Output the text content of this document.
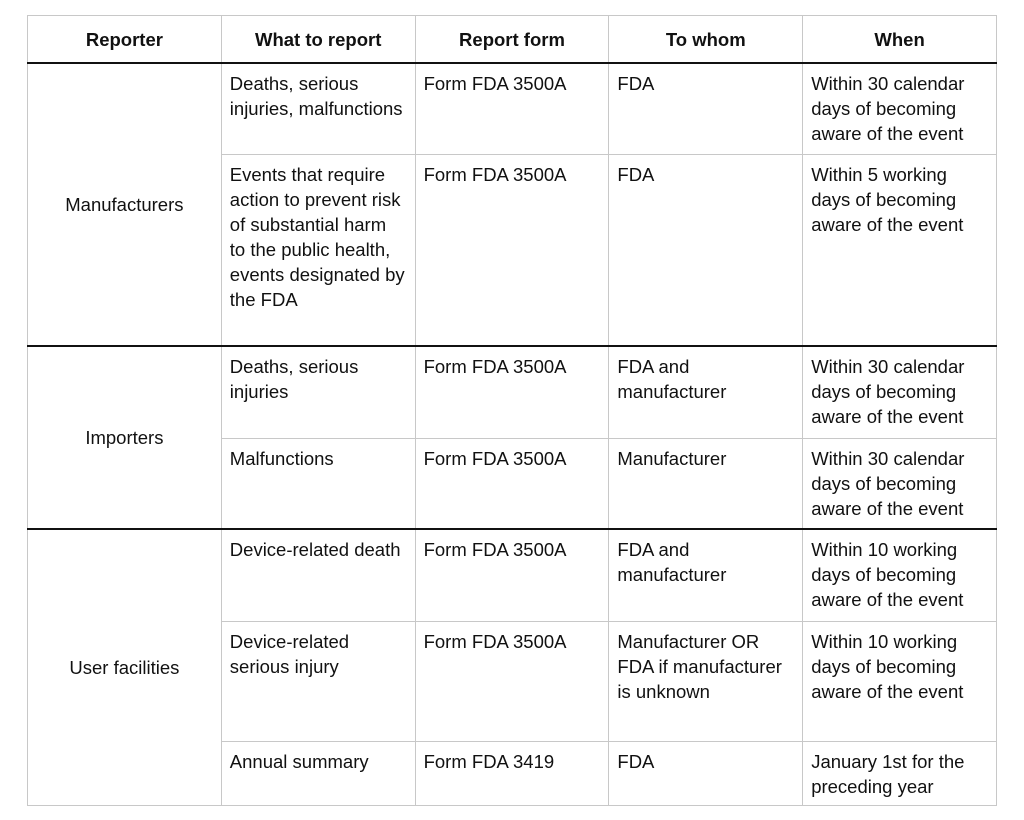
Reporter	What to report	Report form	To whom	When
Manufacturers	Deaths, serious injuries, malfunctions	Form FDA 3500A	FDA	Within 30 calendar days of becoming aware of the event
	Events that require action to prevent risk of substantial harm to the public health, events designated by the FDA	Form FDA 3500A	FDA	Within 5 working days of becoming aware of the event
Importers	Deaths, serious injuries	Form FDA 3500A	FDA and manufacturer	Within 30 calendar days of becoming aware of the event
	Malfunctions	Form FDA 3500A	Manufacturer	Within 30 calendar days of becoming aware of the event
User facilities	Device-related death	Form FDA 3500A	FDA and manufacturer	Within 10 working days of becoming aware of the event
	Device-related serious injury	Form FDA 3500A	Manufacturer OR FDA if manufacturer is unknown	Within 10 working days of becoming aware of the event
	Annual summary	Form FDA 3419	FDA	January 1st for the preceding year
